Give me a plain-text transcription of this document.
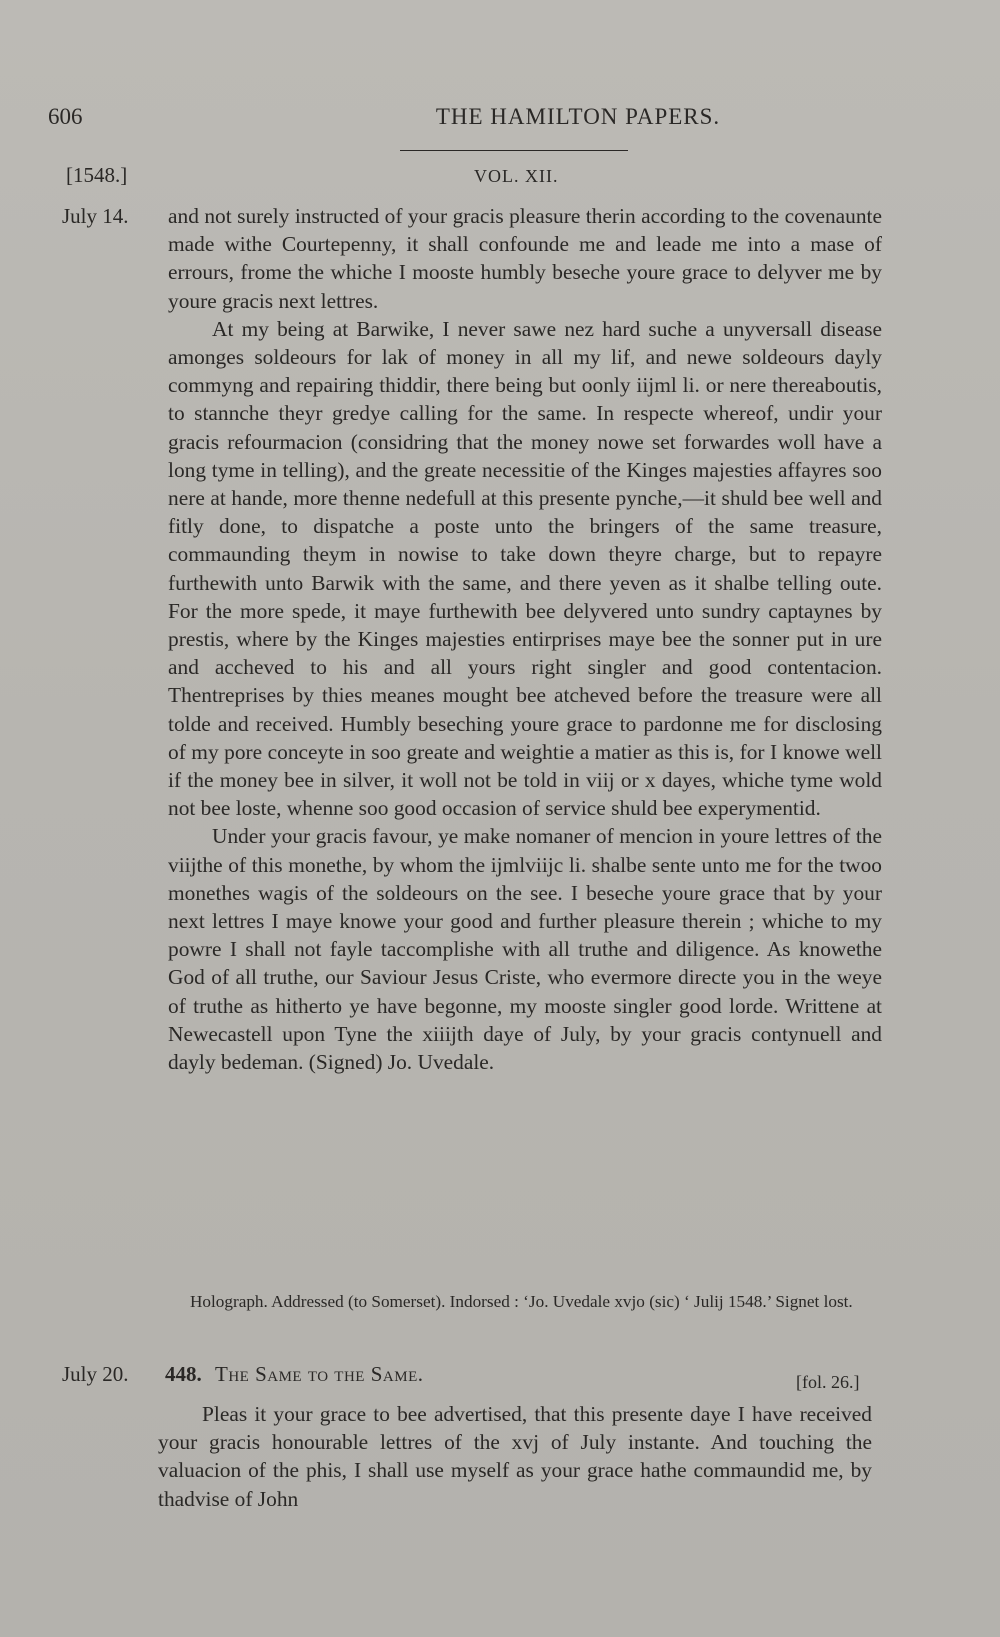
606	THE HAMILTON PAPERS.
[1548.]	VOL. XII.
July 14. and not surely instructed of your gracis pleasure therin according to the covenaunte made withe Courtepenny, it shall confounde me and leade me into a mase of errours, frome the whiche I mooste humbly beseche youre grace to delyver me by youre gracis next lettres.

At my being at Barwike, I never sawe nez hard suche a unyversall disease amonges soldeours for lak of money in all my lif, and newe soldeours dayly commyng and repairing thiddir, there being but oonly iijml li. or nere thereaboutis, to stannche theyr gredye calling for the same. In respecte whereof, undir your gracis refourmacion (considring that the money nowe set forwardes woll have a long tyme in telling), and the greate necessitie of the Kinges majesties affayres soo nere at hande, more thenne nedefull at this presente pynche,—it shuld bee well and fitly done, to dispatche a poste unto the bringers of the same treasure, commaunding theym in nowise to take down theyre charge, but to repayre furthewith unto Barwik with the same, and there yeven as it shalbe telling oute. For the more spede, it maye furthewith bee delyvered unto sundry captaynes by prestis, where by the Kinges majesties entirprises maye bee the sonner put in ure and accheved to his and all yours right singler and good contentacion. Thentreprises by thies meanes mought bee atcheved before the treasure were all tolde and received. Humbly beseching youre grace to pardonne me for disclosing of my pore conceyte in soo greate and weightie a matier as this is, for I knowe well if the money bee in silver, it woll not be told in viij or x dayes, whiche tyme wold not bee loste, whenne soo good occasion of service shuld bee experymentid.

Under your gracis favour, ye make nomaner of mencion in youre lettres of the viijthe of this monethe, by whom the ijmlviijc li. shalbe sente unto me for the twoo monethes wagis of the soldeours on the see. I beseche youre grace that by your next lettres I maye knowe your good and further pleasure therein ; whiche to my powre I shall not fayle taccomplishe with all truthe and diligence. As knowethe God of all truthe, our Saviour Jesus Criste, who evermore directe you in the weye of truthe as hitherto ye have begonne, my mooste singler good lorde. Writtene at Newecastell upon Tyne the xiiijth daye of July, by your gracis contynuell and dayly bedeman. (Signed) Jo. Uvedale.

Holograph. Addressed (to Somerset). Indorsed : ‘Jo. Uvedale xvjo (sic) ‘ Julij 1548.’ Signet lost.

July 20. 448. The Same to the Same.	[fol. 26.]

Pleas it your grace to bee advertised, that this presente daye I have received your gracis honourable lettres of the xvj of July instante. And touching the valuacion of the phis, I shall use myself as your grace hathe commaundid me, by thadvise of John
